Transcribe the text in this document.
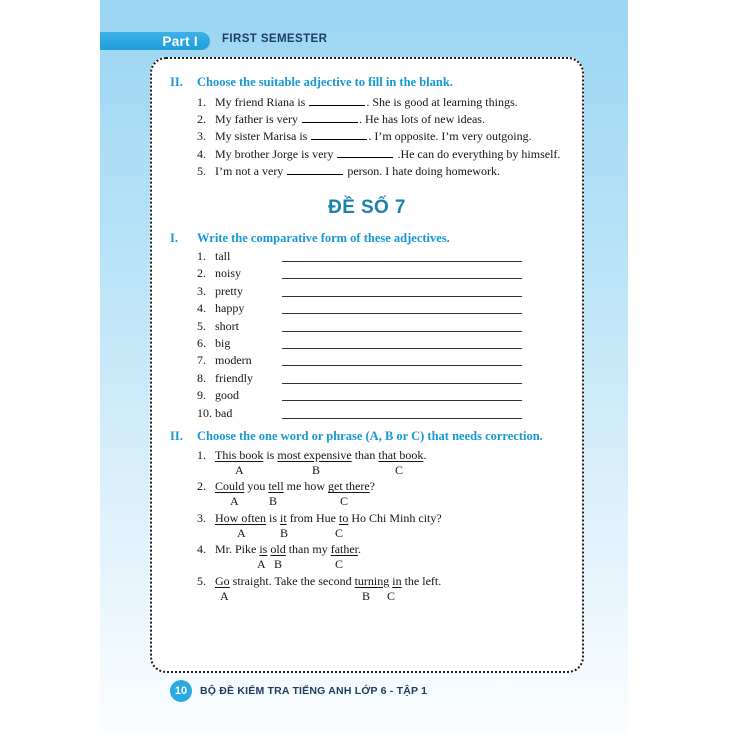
Part I FIRST SEMESTER
II.	Choose the suitable adjective to fill in the blank.
1. My friend Riana is	. She is good at learning things.
2. My father is very	. He has lots of new ideas.
3. My sister Marisa is	. I’m opposite. I’m very outgoing.
4. My brother Jorge is very	.He can do everything by himself.
5. I’m not a very	person. I hate doing homework.
ĐỀ SỐ 7
I.	Write the comparative form of these adjectives.
1. tall
2. noisy
3. pretty
4. happy
5. short
6. big
7. modern
8. friendly
9. good
10. bad
II.	Choose the one word or phrase (A, B or C) that needs correction.
1. This book is most expensive than that book.
A	B	C
2. Could you tell me how get there?
A	B	C
3. How often is it from Hue to Ho Chi Minh city?
A	B	C
4. Mr. Pike is old than my father.
A B	C
5. Go straight. Take the second turning in the left.
A	B C
10 BỘ ĐỀ KIỂM TRA TIẾNG ANH LỚP 6 - TẬP 1
